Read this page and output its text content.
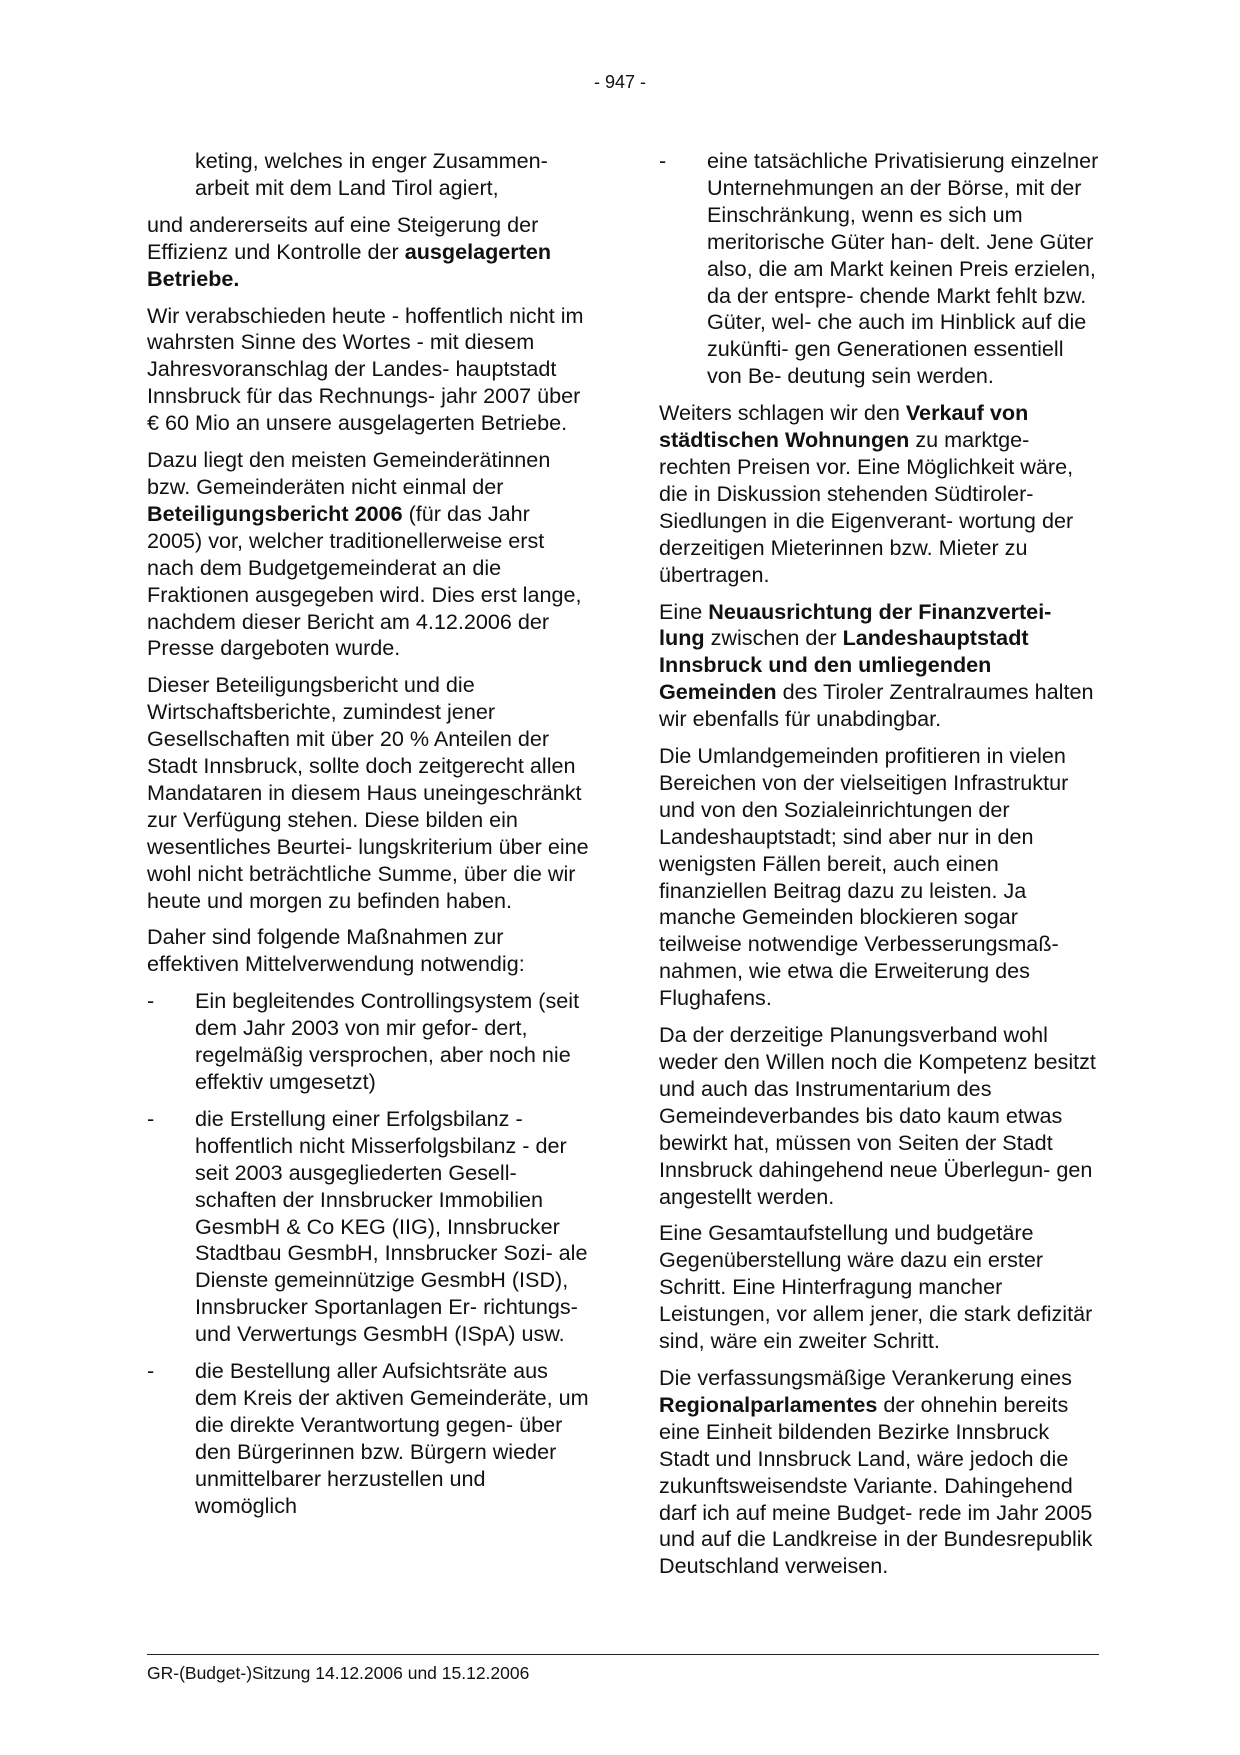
- 947 -

keting, welches in enger Zusammen- arbeit mit dem Land Tirol agiert,

und andererseits auf eine Steigerung der Effizienz und Kontrolle der ausgelagerten Betriebe.

Wir verabschieden heute - hoffentlich nicht im wahrsten Sinne des Wortes - mit diesem Jahresvoranschlag der Landes- hauptstadt Innsbruck für das Rechnungs- jahr 2007 über € 60 Mio an unsere ausgelagerten Betriebe.

Dazu liegt den meisten Gemeinderätinnen bzw. Gemeinderäten nicht einmal der Beteiligungsbericht 2006 (für das Jahr 2005) vor, welcher traditionellerweise erst nach dem Budgetgemeinderat an die Fraktionen ausgegeben wird. Dies erst lange, nachdem dieser Bericht am 4.12.2006 der Presse dargeboten wurde.

Dieser Beteiligungsbericht und die Wirtschaftsberichte, zumindest jener Gesellschaften mit über 20 % Anteilen der Stadt Innsbruck, sollte doch zeitgerecht allen Mandataren in diesem Haus uneingeschränkt zur Verfügung stehen. Diese bilden ein wesentliches Beurtei- lungskriterium über eine wohl nicht beträchtliche Summe, über die wir heute und morgen zu befinden haben.

Daher sind folgende Maßnahmen zur effektiven Mittelverwendung notwendig:

- Ein begleitendes Controllingsystem (seit dem Jahr 2003 von mir gefor- dert, regelmäßig versprochen, aber noch nie effektiv umgesetzt)
- die Erstellung einer Erfolgsbilanz - hoffentlich nicht Misserfolgsbilanz - der seit 2003 ausgegliederten Gesell- schaften der Innsbrucker Immobilien GesmbH & Co KEG (IIG), Innsbrucker Stadtbau GesmbH, Innsbrucker Sozi- ale Dienste gemeinnützige GesmbH (ISD), Innsbrucker Sportanlagen Er- richtungs- und Verwertungs GesmbH (ISpA) usw.
- die Bestellung aller Aufsichtsräte aus dem Kreis der aktiven Gemeinderäte, um die direkte Verantwortung gegen- über den Bürgerinnen bzw. Bürgern wieder unmittelbarer herzustellen und womöglich
- eine tatsächliche Privatisierung einzelner Unternehmungen an der Börse, mit der Einschränkung, wenn es sich um meritorische Güter han- delt. Jene Güter also, die am Markt keinen Preis erzielen, da der entspre- chende Markt fehlt bzw. Güter, wel- che auch im Hinblick auf die zukünfti- gen Generationen essentiell von Be- deutung sein werden.

Weiters schlagen wir den Verkauf von städtischen Wohnungen zu marktge- rechten Preisen vor. Eine Möglichkeit wäre, die in Diskussion stehenden Südtiroler-Siedlungen in die Eigenverant- wortung der derzeitigen Mieterinnen bzw. Mieter zu übertragen.

Eine Neuausrichtung der Finanzvertei- lung zwischen der Landeshauptstadt Innsbruck und den umliegenden Gemeinden des Tiroler Zentralraumes halten wir ebenfalls für unabdingbar.

Die Umlandgemeinden profitieren in vielen Bereichen von der vielseitigen Infrastruktur und von den Sozialeinrichtungen der Landeshauptstadt; sind aber nur in den wenigsten Fällen bereit, auch einen finanziellen Beitrag dazu zu leisten. Ja manche Gemeinden blockieren sogar teilweise notwendige Verbesserungsmaß- nahmen, wie etwa die Erweiterung des Flughafens.

Da der derzeitige Planungsverband wohl weder den Willen noch die Kompetenz besitzt und auch das Instrumentarium des Gemeindeverbandes bis dato kaum etwas bewirkt hat, müssen von Seiten der Stadt Innsbruck dahingehend neue Überlegun- gen angestellt werden.

Eine Gesamtaufstellung und budgetäre Gegenüberstellung wäre dazu ein erster Schritt. Eine Hinterfragung mancher Leistungen, vor allem jener, die stark defizitär sind, wäre ein zweiter Schritt.

Die verfassungsmäßige Verankerung eines Regionalparlamentes der ohnehin bereits eine Einheit bildenden Bezirke Innsbruck Stadt und Innsbruck Land, wäre jedoch die zukunftsweisendste Variante. Dahingehend darf ich auf meine Budget- rede im Jahr 2005 und auf die Landkreise in der Bundesrepublik Deutschland verweisen.

GR-(Budget-)Sitzung 14.12.2006 und 15.12.2006
